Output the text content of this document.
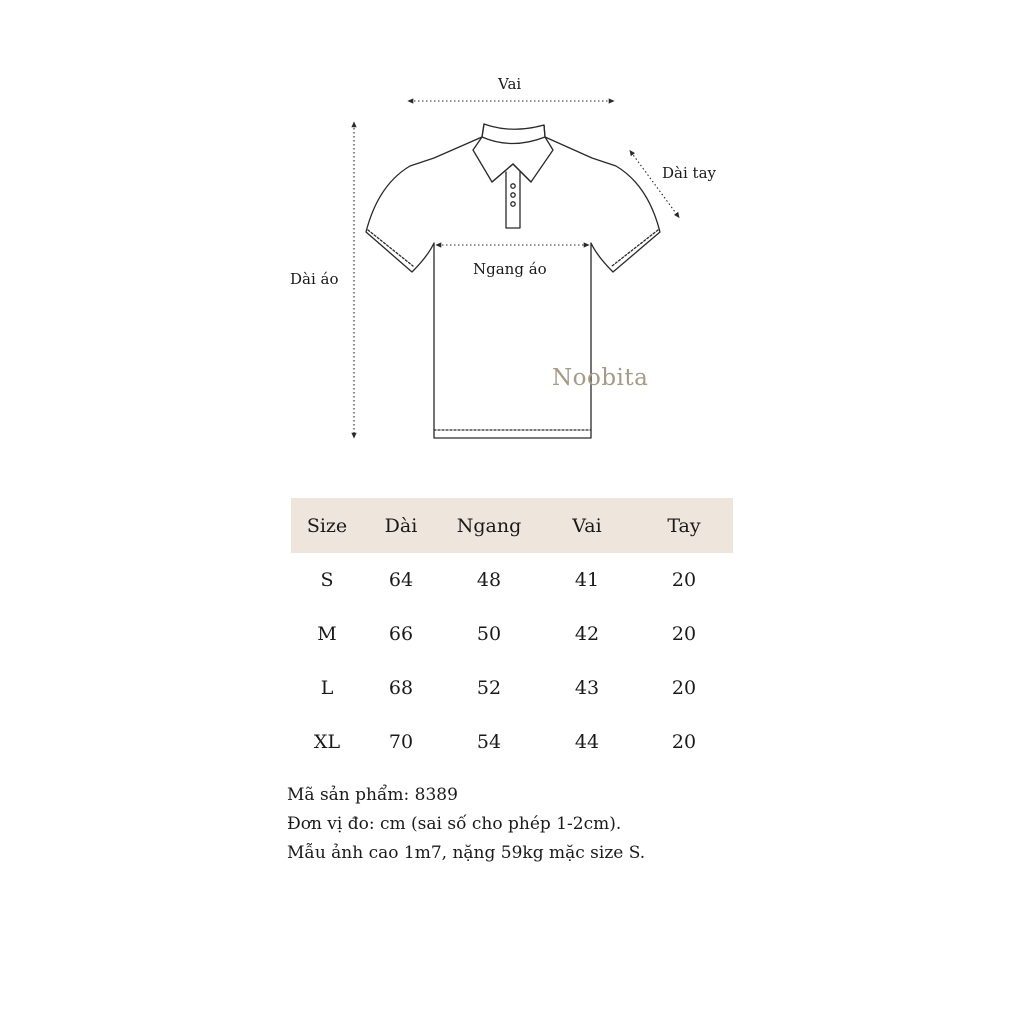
Vai
Dài tay
Dài áo
Ngang áo
Noobita
Size	Dài	Ngang	Vai	Tay
S	64	48	41	20
M	66	50	42	20
L	68	52	43	20
XL	70	54	44	20
Mã sản phẩm: 8389
Đơn vị đo: cm (sai số cho phép 1-2cm).
Mẫu ảnh cao 1m7, nặng 59kg mặc size S.
